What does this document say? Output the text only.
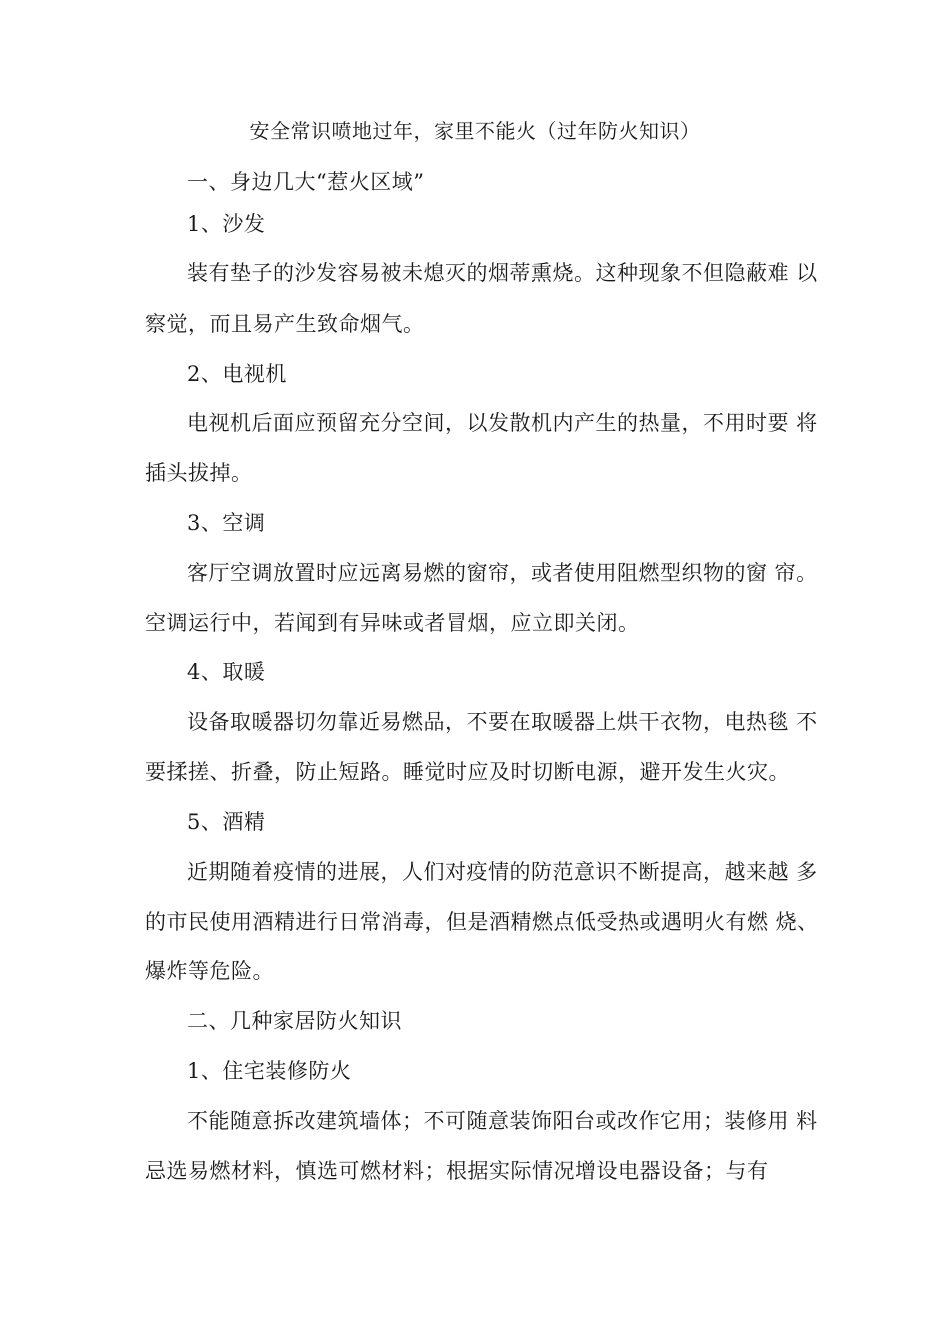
安全常识喷地过年，家里不能火（过年防火知识）
一、身边几大“惹火区域”
1、沙发
装有垫子的沙发容易被未熄灭的烟蒂熏烧。这种现象不但隐蔽难 以
察觉，而且易产生致命烟气。
2、电视机
电视机后面应预留充分空间，以发散机内产生的热量，不用时要 将
插头拔掉。
3、空调
客厅空调放置时应远离易燃的窗帘，或者使用阻燃型织物的窗 帘。
空调运行中，若闻到有异味或者冒烟，应立即关闭。
4、取暖
设备取暖器切勿靠近易燃品，不要在取暖器上烘干衣物，电热毯 不
要揉搓、折叠，防止短路。睡觉时应及时切断电源，避开发生火灾。
5、酒精
近期随着疫情的进展，人们对疫情的防范意识不断提高，越来越 多
的市民使用酒精进行日常消毒，但是酒精燃点低受热或遇明火有燃 烧、
爆炸等危险。
二、几种家居防火知识
1、住宅装修防火
不能随意拆改建筑墙体；不可随意装饰阳台或改作它用；装修用 料
忌选易燃材料，慎选可燃材料；根据实际情况增设电器设备；与有
